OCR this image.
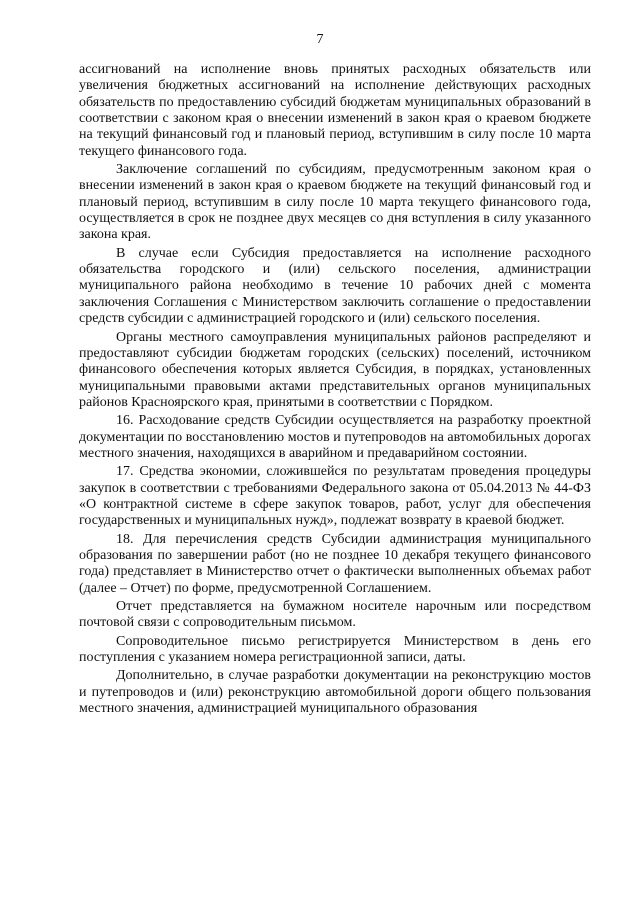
7

ассигнований на исполнение вновь принятых расходных обязательств или увеличения бюджетных ассигнований на исполнение действующих расходных обязательств по предоставлению субсидий бюджетам муниципальных образований в соответствии с законом края о внесении изменений в закон края о краевом бюджете на текущий финансовый год и плановый период, вступившим в силу после 10 марта текущего финансового года.

Заключение соглашений по субсидиям, предусмотренным законом края о внесении изменений в закон края о краевом бюджете на текущий финансовый год и плановый период, вступившим в силу после 10 марта текущего финансового года, осуществляется в срок не позднее двух месяцев со дня вступления в силу указанного закона края.

В случае если Субсидия предоставляется на исполнение расходного обязательства городского и (или) сельского поселения, администрации муниципального района необходимо в течение 10 рабочих дней с момента заключения Соглашения с Министерством заключить соглашение о предоставлении средств субсидии с администрацией городского и (или) сельского поселения.

Органы местного самоуправления муниципальных районов распределяют и предоставляют субсидии бюджетам городских (сельских) поселений, источником финансового обеспечения которых является Субсидия, в порядках, установленных муниципальными правовыми актами представительных органов муниципальных районов Красноярского края, принятыми в соответствии с Порядком.

16. Расходование средств Субсидии осуществляется на разработку проектной документации по восстановлению мостов и путепроводов на автомобильных дорогах местного значения, находящихся в аварийном и предаварийном состоянии.

17. Средства экономии, сложившейся по результатам проведения процедуры закупок в соответствии с требованиями Федерального закона от 05.04.2013 № 44-ФЗ «О контрактной системе в сфере закупок товаров, работ, услуг для обеспечения государственных и муниципальных нужд», подлежат возврату в краевой бюджет.

18. Для перечисления средств Субсидии администрация муниципального образования по завершении работ (но не позднее 10 декабря текущего финансового года) представляет в Министерство отчет о фактически выполненных объемах работ (далее – Отчет) по форме, предусмотренной Соглашением.

Отчет представляется на бумажном носителе нарочным или посредством почтовой связи с сопроводительным письмом.

Сопроводительное письмо регистрируется Министерством в день его поступления с указанием номера регистрационной записи, даты.

Дополнительно, в случае разработки документации на реконструкцию мостов и путепроводов и (или) реконструкцию автомобильной дороги общего пользования местного значения, администрацией муниципального образования
